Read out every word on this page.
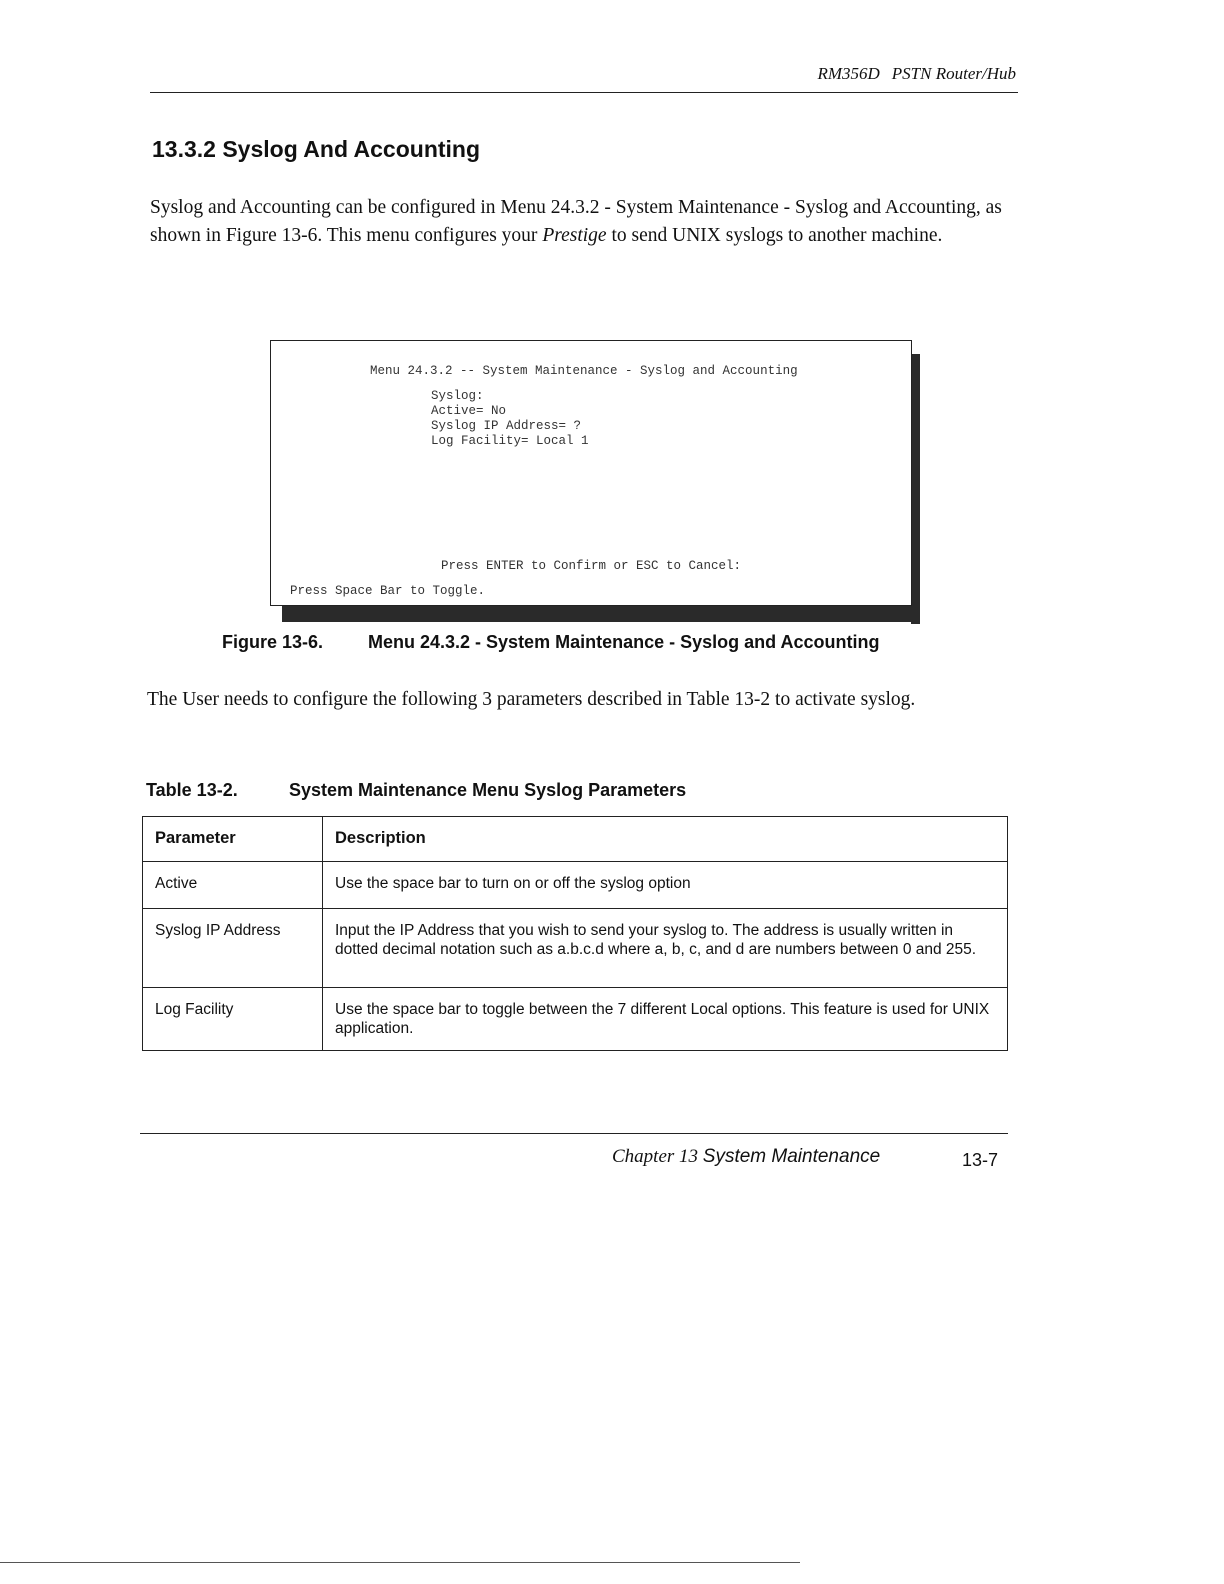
RM356D PSTN Router/Hub
13.3.2 Syslog And Accounting
Syslog and Accounting can be configured in Menu 24.3.2 - System Maintenance - Syslog and Accounting, as shown in Figure 13-6. This menu configures your Prestige to send UNIX syslogs to another machine.
Menu 24.3.2 -- System Maintenance - Syslog and Accounting
Syslog:
Active= No
Syslog IP Address= ?
Log Facility= Local 1
Press ENTER to Confirm or ESC to Cancel:
Press Space Bar to Toggle.
Figure 13-6. Menu 24.3.2 - System Maintenance - Syslog and Accounting
The User needs to configure the following 3 parameters described in Table 13-2 to activate syslog.
Table 13-2.	System Maintenance Menu Syslog Parameters
Parameter	Description
Active	Use the space bar to turn on or off the syslog option
Syslog IP Address	Input the IP Address that you wish to send your syslog to. The address is usually written in dotted decimal notation such as a.b.c.d where a, b, c, and d are numbers between 0 and 255.
Log Facility	Use the space bar to toggle between the 7 different Local options. This feature is used for UNIX application.
Chapter 13 System Maintenance	13-7
